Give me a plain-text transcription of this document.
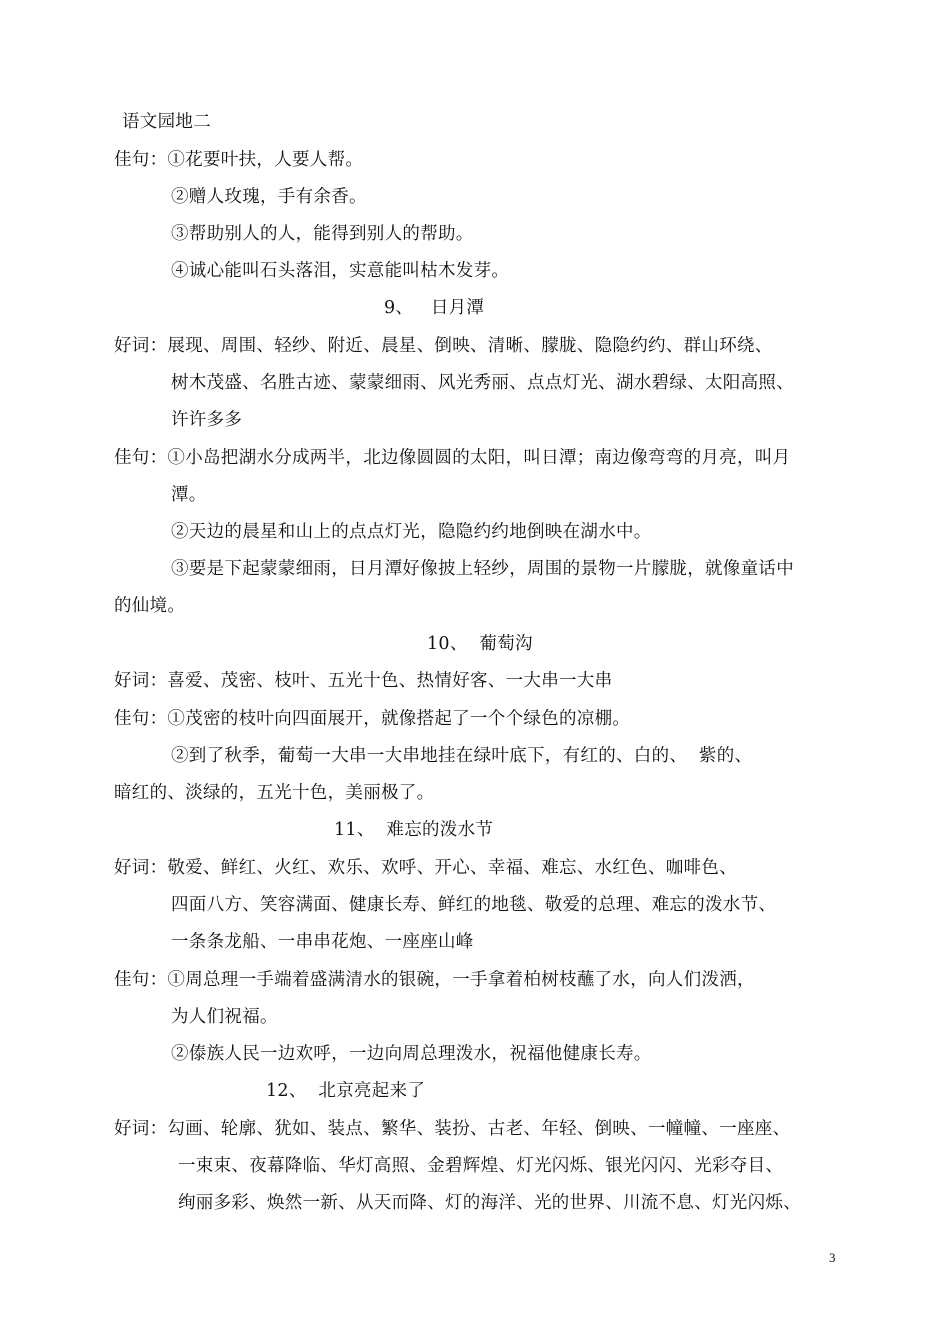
语文园地二
佳句：①花要叶扶，人要人帮。
②赠人玫瑰，手有余香。
③帮助别人的人，能得到别人的帮助。
④诚心能叫石头落泪，实意能叫枯木发芽。
9、   日月潭
好词：展现、周围、轻纱、附近、晨星、倒映、清晰、朦胧、隐隐约约、群山环绕、
树木茂盛、名胜古迹、蒙蒙细雨、风光秀丽、点点灯光、湖水碧绿、太阳高照、
许许多多
佳句：①小岛把湖水分成两半，北边像圆圆的太阳，叫日潭；南边像弯弯的月亮，叫月
潭。
②天边的晨星和山上的点点灯光，隐隐约约地倒映在湖水中。
③要是下起蒙蒙细雨，日月潭好像披上轻纱，周围的景物一片朦胧，就像童话中
的仙境。
10、  葡萄沟
好词：喜爱、茂密、枝叶、五光十色、热情好客、一大串一大串
佳句：①茂密的枝叶向四面展开，就像搭起了一个个绿色的凉棚。
②到了秋季，葡萄一大串一大串地挂在绿叶底下，有红的、白的、  紫的、
暗红的、淡绿的，五光十色，美丽极了。
11、  难忘的泼水节
好词：敬爱、鲜红、火红、欢乐、欢呼、开心、幸福、难忘、水红色、咖啡色、
四面八方、笑容满面、健康长寿、鲜红的地毯、敬爱的总理、难忘的泼水节、
一条条龙船、一串串花炮、一座座山峰
佳句：①周总理一手端着盛满清水的银碗，一手拿着柏树枝蘸了水，向人们泼洒，
为人们祝福。
②傣族人民一边欢呼，一边向周总理泼水，祝福他健康长寿。
12、  北京亮起来了
好词：勾画、轮廓、犹如、装点、繁华、装扮、古老、年轻、倒映、一幢幢、一座座、
一束束、夜幕降临、华灯高照、金碧辉煌、灯光闪烁、银光闪闪、光彩夺目、
绚丽多彩、焕然一新、从天而降、灯的海洋、光的世界、川流不息、灯光闪烁、
3
